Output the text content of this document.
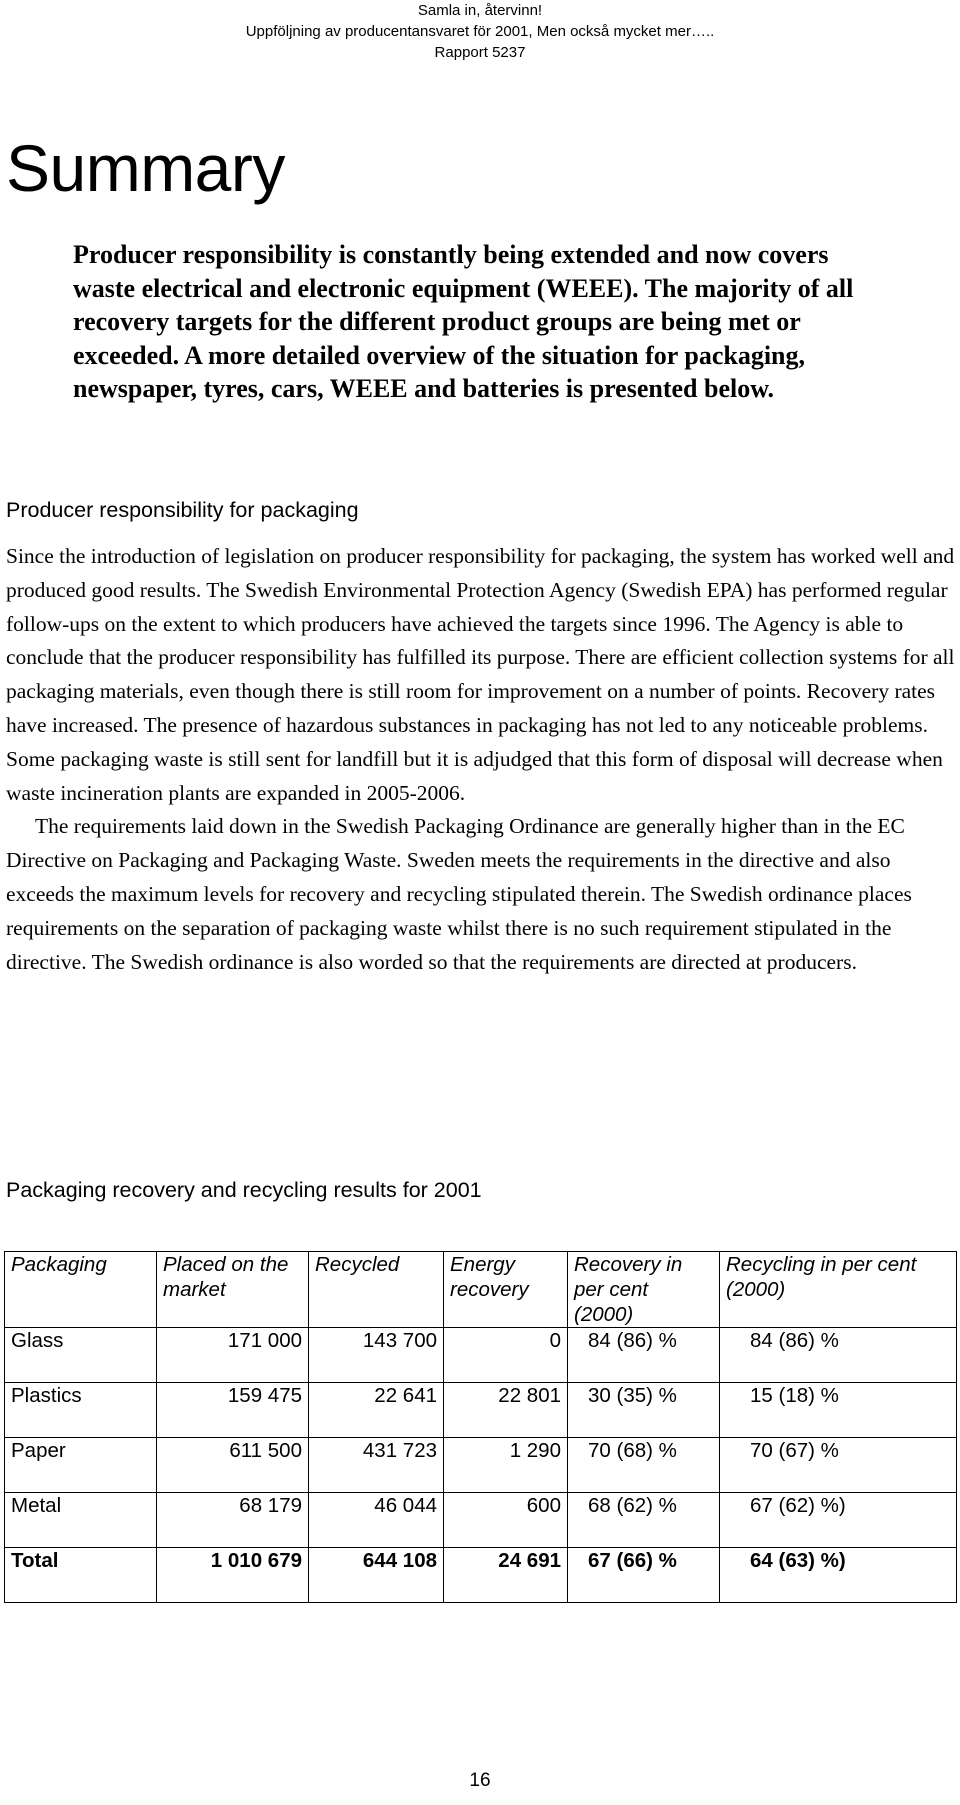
Samla in, återvinn!
Uppföljning av producentansvaret för 2001, Men också mycket mer…..
Rapport 5237
Summary

Producer responsibility is constantly being extended and now covers waste electrical and electronic equipment (WEEE). The majority of all recovery targets for the different product groups are being met or exceeded. A more detailed overview of the situation for packaging, newspaper, tyres, cars, WEEE and batteries is presented below.

Producer responsibility for packaging

Since the introduction of legislation on producer responsibility for packaging, the system has worked well and produced good results. The Swedish Environmental Protection Agency (Swedish EPA) has performed regular follow-ups on the extent to which producers have achieved the targets since 1996. The Agency is able to conclude that the producer responsibility has fulfilled its purpose. There are efficient collection systems for all packaging materials, even though there is still room for improvement on a number of points. Recovery rates have increased. The presence of hazardous substances in packaging has not led to any noticeable problems. Some packaging waste is still sent for landfill but it is adjudged that this form of disposal will decrease when waste incineration plants are expanded in 2005-2006.

The requirements laid down in the Swedish Packaging Ordinance are generally higher than in the EC Directive on Packaging and Packaging Waste. Sweden meets the requirements in the directive and also exceeds the maximum levels for recovery and recycling stipulated therein. The Swedish ordinance places requirements on the separation of packaging waste whilst there is no such requirement stipulated in the directive. The Swedish ordinance is also worded so that the requirements are directed at producers.

Packaging recovery and recycling results for 2001
Packaging	Placed on the market	Recycled	Energy recovery	Recovery in per cent (2000)	Recycling in per cent (2000)
Glass	171 000	143 700	0	84 (86) %	84 (86) %
Plastics	159 475	22 641	22 801	30 (35) %	15 (18) %
Paper	611 500	431 723	1 290	70 (68) %	70 (67) %
Metal	68 179	46 044	600	68 (62) %	67 (62) %)
Total	1 010 679	644 108	24 691	67 (66) %	64 (63) %)
16
